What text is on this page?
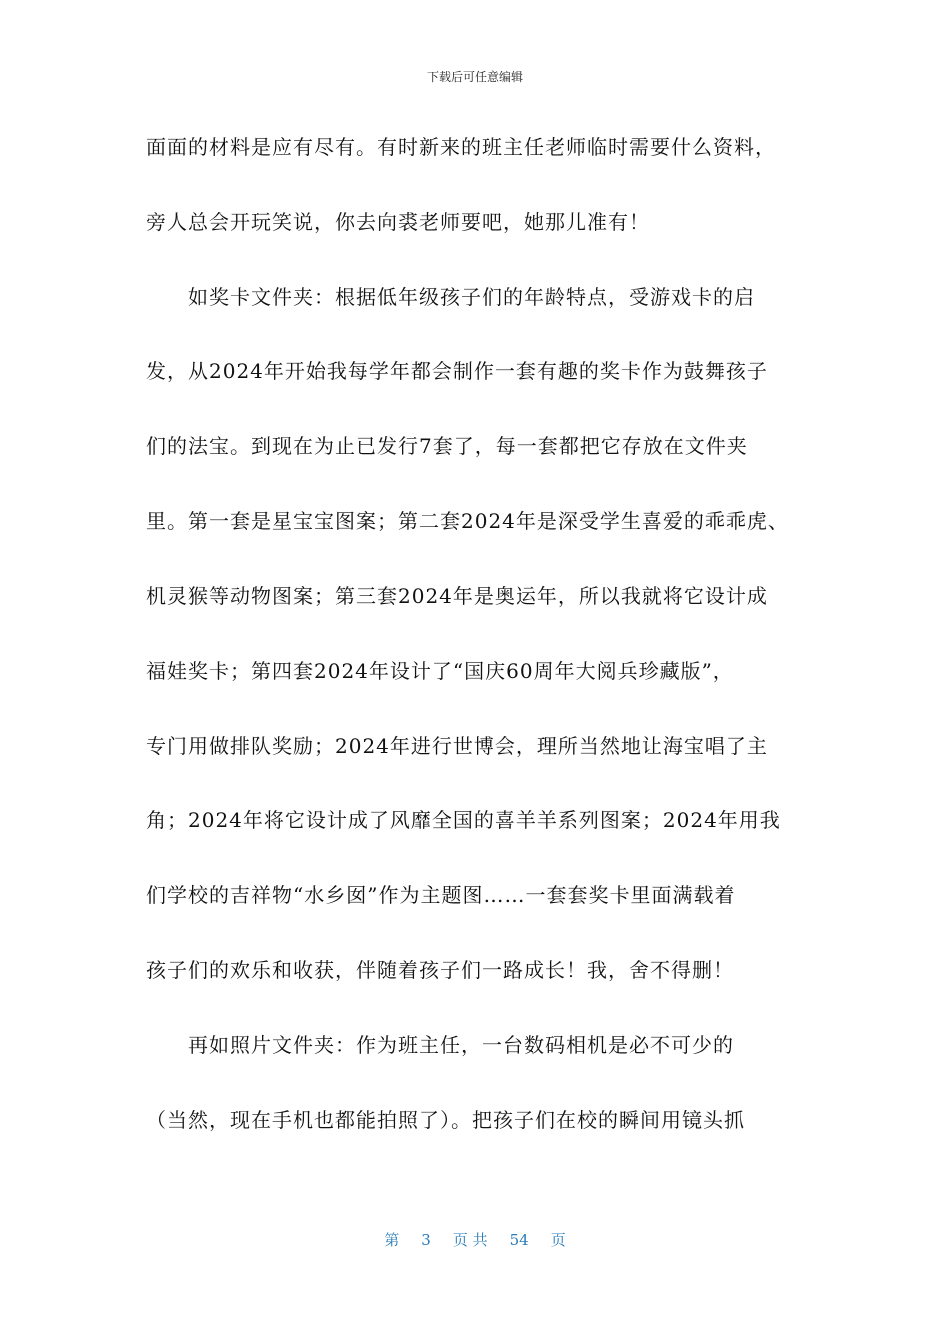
下载后可任意编辑
面面的材料是应有尽有。有时新来的班主任老师临时需要什么资料，
旁人总会开玩笑说，你去向裘老师要吧，她那儿准有！
　　如奖卡文件夹：根据低年级孩子们的年龄特点，受游戏卡的启
发，从2024年开始我每学年都会制作一套有趣的奖卡作为鼓舞孩子
们的法宝。到现在为止已发行7套了，每一套都把它存放在文件夹
里。第一套是星宝宝图案；第二套2024年是深受学生喜爱的乖乖虎、
机灵猴等动物图案；第三套2024年是奥运年，所以我就将它设计成
福娃奖卡；第四套2024年设计了“国庆60周年大阅兵珍藏版”，
专门用做排队奖励；2024年进行世博会，理所当然地让海宝唱了主
角；2024年将它设计成了风靡全国的喜羊羊系列图案；2024年用我
们学校的吉祥物“水乡囡”作为主题图……一套套奖卡里面满载着
孩子们的欢乐和收获，伴随着孩子们一路成长！我，舍不得删！
　　再如照片文件夹：作为班主任，一台数码相机是必不可少的
（当然，现在手机也都能拍照了）。把孩子们在校的瞬间用镜头抓
第 3 页 共 54 页
